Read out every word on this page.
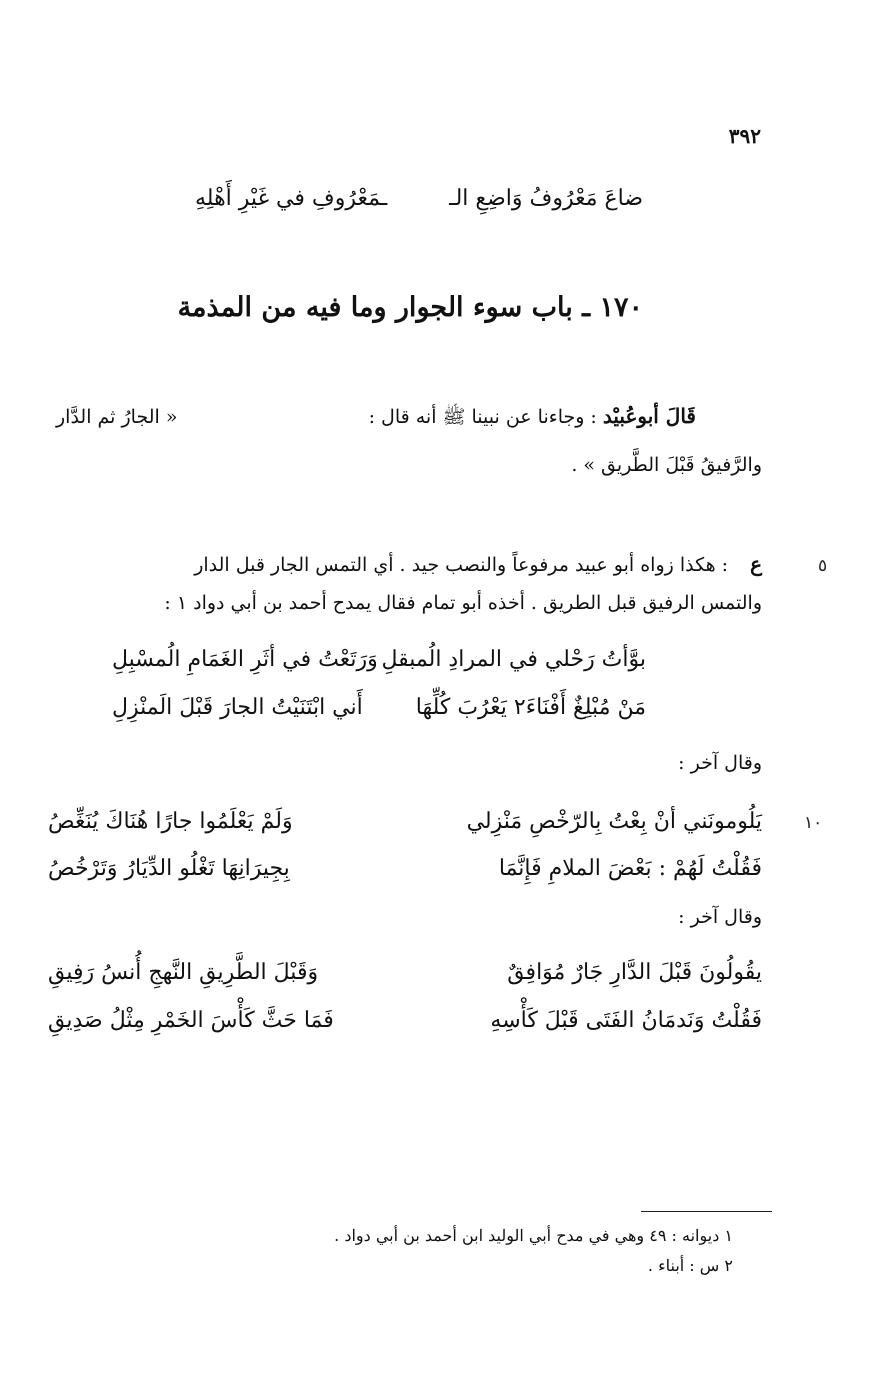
٣٩٢
ضاعَ مَعْرُوفُ وَاضِعِ الـ
ـمَعْرُوفِ في غَيْرِ أَهْلِهِ
١٧٠ ـ باب سوء الجوار وما فيه من المذمة
قَالَ أبوعُبيْد : وجاءنا عن نبينا ﷺ أنه قال :
« الجارُ ثم الدَّار
والرَّفيقُ قَبْلَ الطَّريق » .
٥
ع
: هكذا زواه أبو عبيد مرفوعاً والنصب جيد . أي التمس الجار قبل الدار
والتمس الرفيق قبل الطريق . أخذه أبو تمام فقال يمدح أحمد بن أبي دواد ١ :
بوَّأتُ رَحْلي في المرادِ الُمبقلِ
وَرَتَعْتُ في أثَرِ الغَمَامِ الُمسْبِلِ
مَنْ مُبْلِغٌ أَفْنَاءَ٢ يَعْرُبَ كُلِّهَا
أَني ابْتَنَيْتُ الجارَ قَبْلَ الَمنْزِلِ
وقال آخر :
١٠
يَلُومونَني أنْ بِعْتُ بِالرّخْصِ مَنْزِلي
وَلَمْ يَعْلَمُوا جارًا هُنَاكَ يُنَغِّصُ
فَقُلْتُ لَهُمْ : بَعْضَ الملامِ فَإِنَّمَا
بِجِيرَانِهَا تَغْلُو الدِّيَارُ وَتَرْخُصُ
وقال آخر :
يقُولُونَ قَبْلَ الدَّارِ جَارٌ مُوَافِقٌ
وَقَبْلَ الطَّرِيقِ النَّهجِ أُنسُ رَفِيقِ
فَقُلْتُ وَنَدمَانُ الفَتَى قَبْلَ كَأْسِهِ
فَمَا حَثَّ كَأْسَ الخَمْرِ مِثْلُ صَدِيقِ
١ ديوانه : ٤٩ وهي في مدح أبي الوليد ابن أحمد بن أبي دواد .
٢ س : أبناء .
